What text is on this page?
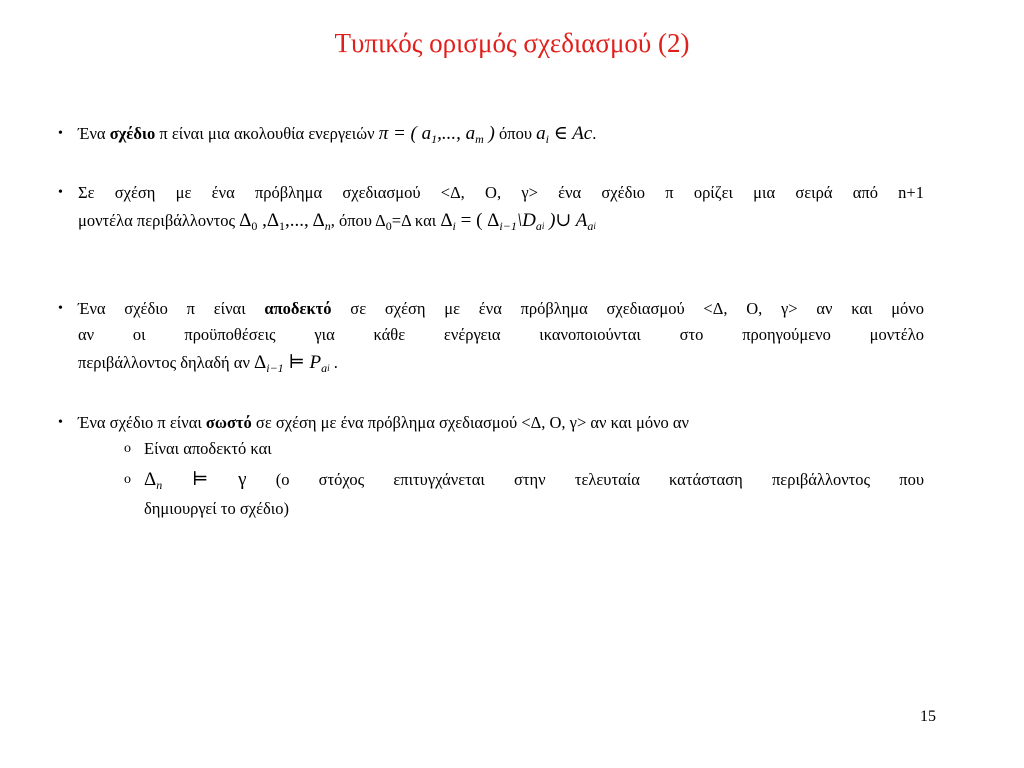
Τυπικός ορισμός σχεδιασμού (2)
• Ένα σχέδιο π είναι μια ακολουθία ενεργειών π = ( $a_1$,..., $a_m$ ) όπου $a_i$ ∈ Ac.
• Σε σχέση με ένα πρόβλημα σχεδιασμού <Δ, Ο, γ> ένα σχέδιο π ορίζει μια σειρά από n+1
μοντέλα περιβάλλοντος $\Delta_0$ $,\Delta_1$,..., $\Delta_n$, όπου $\Delta_0=\Delta$ και $\Delta_i$ = ( $\Delta_{i-1}\backslash D_ai$ )∪ $A_ai$
• Ένα σχέδιο π είναι αποδεκτό σε σχέση με ένα πρόβλημα σχεδιασμού <Δ, Ο, γ> αν και μόνο
αν οι προϋποθέσεις για κάθε ενέργεια ικανοποιούνται στο προηγούμενο μοντέλο
περιβάλλοντος δηλαδή αν $\Delta_{i-1}$ ⊨ $P_ai$ .
• Ένα σχέδιο π είναι σωστό σε σχέση με ένα πρόβλημα σχεδιασμού <Δ, Ο, γ> αν και μόνο αν
o Είναι αποδεκτό και
o $\Delta_n$ ⊨ γ (ο στόχος επιτυγχάνεται στην τελευταία κατάσταση περιβάλλοντος που
δημιουργεί το σχέδιο)
15
